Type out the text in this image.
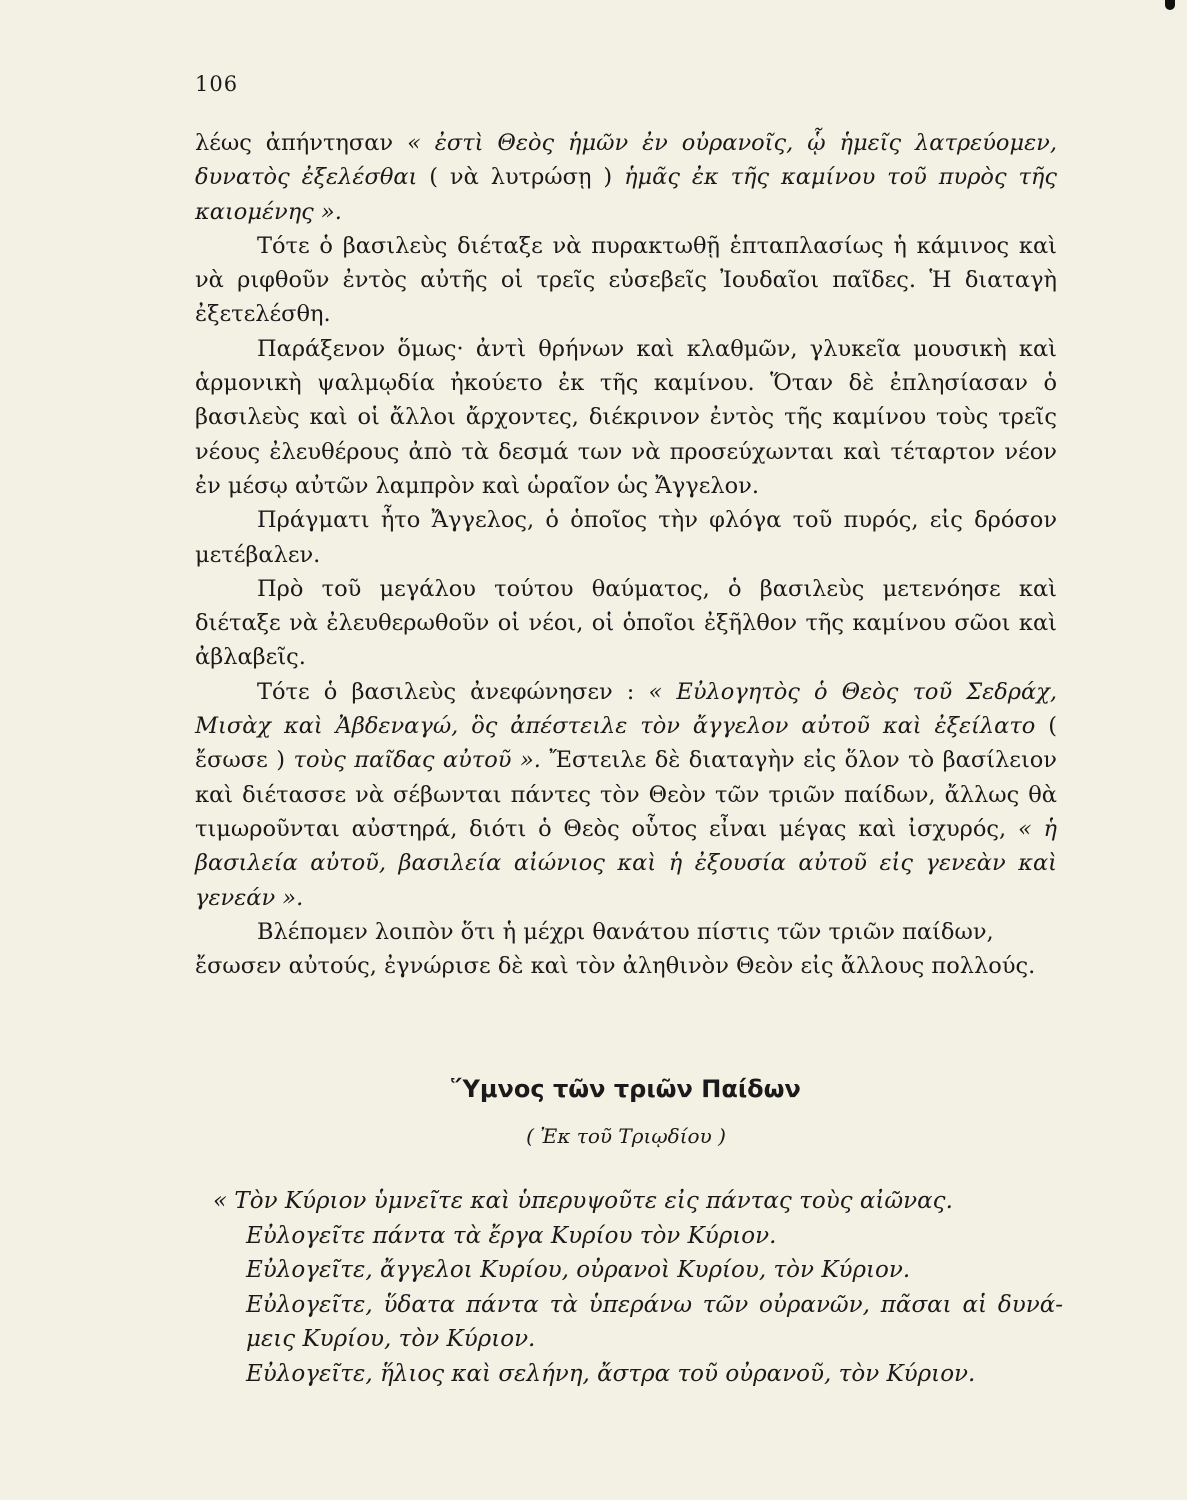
106

λέως ἀπήντησαν « ἐστὶ Θεὸς ἡμῶν ἐν οὐρανοῖς, ᾧ ἡμεῖς λατρεύομεν, δυνατὸς ἐξελέσθαι ( νὰ λυτρώσῃ ) ἡμᾶς ἐκ τῆς καμίνου τοῦ πυρὸς τῆς καιομένης ».

Τότε ὁ βασιλεὺς διέταξε νὰ πυρακτωθῇ ἑπταπλασίως ἡ κάμινος καὶ νὰ ριφθοῦν ἐντὸς αὐτῆς οἱ τρεῖς εὐσεβεῖς Ἰουδαῖοι παῖδες. Ἡ διαταγὴ ἐξετελέσθη.

Παράξενον ὅμως· ἀντὶ θρήνων καὶ κλαθμῶν, γλυκεῖα μουσικὴ καὶ ἁρμονικὴ ψαλμῳδία ἠκούετο ἐκ τῆς καμίνου. Ὅταν δὲ ἐπλησίασαν ὁ βασιλεὺς καὶ οἱ ἄλλοι ἄρχοντες, διέκρινον ἐντὸς τῆς καμίνου τοὺς τρεῖς νέους ἐλευθέρους ἀπὸ τὰ δεσμά των νὰ προσεύχωνται καὶ τέταρτον νέον ἐν μέσῳ αὐτῶν λαμπρὸν καὶ ὡραῖον ὡς Ἄγγελον.

Πράγματι ἦτο Ἄγγελος, ὁ ὁποῖος τὴν φλόγα τοῦ πυρός, εἰς δρόσον μετέβαλεν.

Πρὸ τοῦ μεγάλου τούτου θαύματος, ὁ βασιλεὺς μετενόησε καὶ διέταξε νὰ ἐλευθερωθοῦν οἱ νέοι, οἱ ὁποῖοι ἐξῆλθον τῆς καμίνου σῶοι καὶ ἀβλαβεῖς.

Τότε ὁ βασιλεὺς ἀνεφώνησεν : « Εὐλογητὸς ὁ Θεὸς τοῦ Σεδράχ, Μισὰχ καὶ Ἀβδεναγώ, ὃς ἀπέστειλε τὸν ἄγγελον αὐτοῦ καὶ ἐξείλατο ( ἔσωσε ) τοὺς παῖδας αὐτοῦ ». Ἔστειλε δὲ διαταγὴν εἰς ὅλον τὸ βασίλειον καὶ διέτασσε νὰ σέβωνται πάντες τὸν Θεὸν τῶν τριῶν παίδων, ἄλλως θὰ τιμωροῦνται αὐστηρά, διότι ὁ Θεὸς οὗτος εἶναι μέγας καὶ ἰσχυρός, « ἡ βασιλεία αὐτοῦ, βασιλεία αἰώνιος καὶ ἡ ἐξουσία αὐτοῦ εἰς γενεὰν καὶ γενεάν ».

Βλέπομεν λοιπὸν ὅτι ἡ μέχρι θανάτου πίστις τῶν τριῶν παίδων, ἔσωσεν αὐτούς, ἐγνώρισε δὲ καὶ τὸν ἀληθινὸν Θεὸν εἰς ἄλλους πολλούς.

Ὕμνος τῶν τριῶν Παίδων
( Ἐκ τοῦ Τριῳδίου )

« Τὸν Κύριον ὑμνεῖτε καὶ ὑπερυψοῦτε εἰς πάντας τοὺς αἰῶνας.

Εὐλογεῖτε πάντα τὰ ἔργα Κυρίου τὸν Κύριον.

Εὐλογεῖτε, ἄγγελοι Κυρίου, οὐρανοὶ Κυρίου, τὸν Κύριον.

Εὐλογεῖτε, ὕδατα πάντα τὰ ὑπεράνω τῶν οὐρανῶν, πᾶσαι αἱ δυνά-

μεις Κυρίου, τὸν Κύριον.

Εὐλογεῖτε, ἥλιος καὶ σελήνη, ἄστρα τοῦ οὐρανοῦ, τὸν Κύριον.
